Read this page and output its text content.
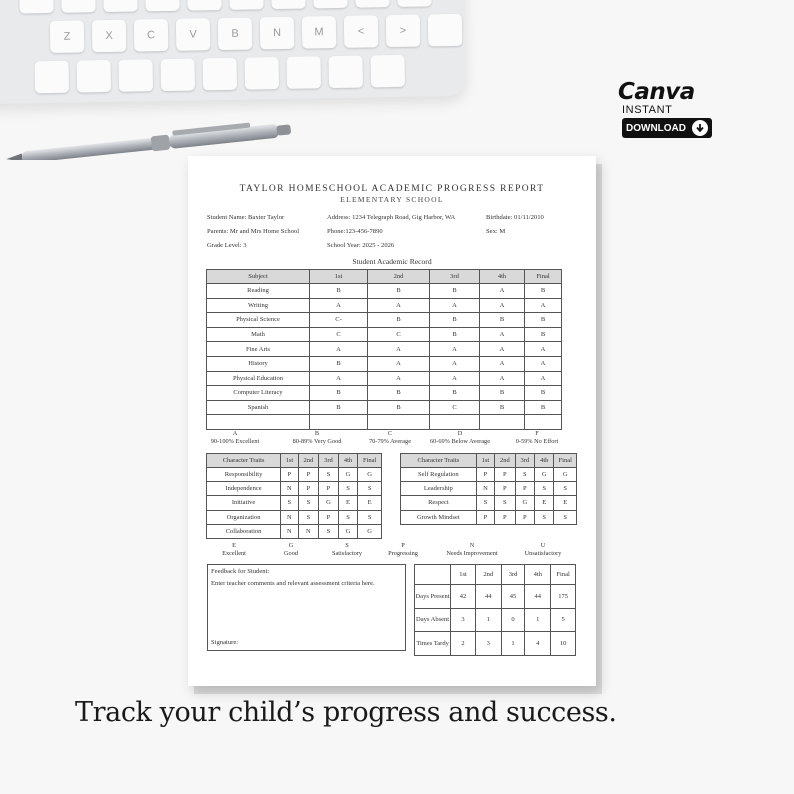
Z	X	C	V	B	N	M	<	>
Canva
INSTANT
DOWNLOAD
TAYLOR HOMESCHOOL ACADEMIC PROGRESS REPORT
ELEMENTARY SCHOOL
Student Name: Baxter Taylor
Parents: Mr and Mrs Home School
Grade Level: 3
Address: 1234 Telegraph Road, Gig Harbor, WA
Phone:123-456-7890
School Year: 2025 - 2026
Birthdate: 01/11/2010
Sex: M
Student Academic Record
Subject	1st	2nd	3rd	4th	Final
Reading	B	B	B	A	B
Writing	A	A	A	A	A
Physical Science	C-	B	B	B	B
Math	C	C	B	A	B
Fine Arts	A	A	A	A	A
History	B	A	A	A	A
Physical Education	A	A	A	A	A
Computer Literacy	B	B	B	B	B
Spanish	B	B	C	B	B

A
90-100% Excellent
B
80-89% Very Good
C
70-79% Average
D
60-69% Below Average
F
0-59% No Effort
Character Traits	1st	2nd	3rd	4th	Final
Responsibility	P	P	S	G	G
Independence	N	P	P	S	S
Initiative	S	S	G	E	E
Organization	N	S	P	S	S
Collaboration	N	N	S	G	G
Character Traits	1st	2nd	3rd	4th	Final
Self Regulation	P	P	S	G	G
Leadership	N	P	P	S	S
Respect	S	S	G	E	E
Growth Mindset	P	P	P	S	S
E
Excellent
G
Good
S
Satisfactory
P
Progressing
N
Needs Improvement
U
Unsatisfactory
Feedback for Student:
Enter teacher comments and relevant assessment criteria here.
Signature:
	1st	2nd	3rd	4th	Final
Days Present	42	44	45	44	175
Days Absent	3	1	0	1	5
Times Tardy	2	3	1	4	10
Track your child’s progress and success.
